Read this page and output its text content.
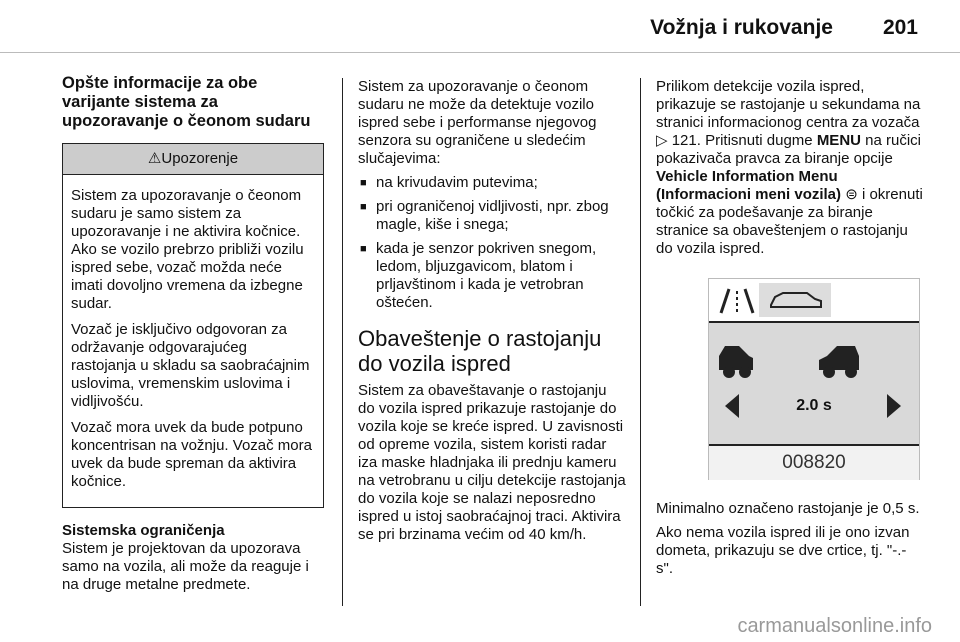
Vožnja i rukovanje 201
Opšte informacije za obe varijante sistema za upozoravanje o čeonom sudaru
⚠Upozorenje

Sistem za upozoravanje o čeonom sudaru je samo sistem za upozoravanje i ne aktivira kočnice. Ako se vozilo prebrzo približi vozilu ispred sebe, vozač možda neće imati dovoljno vremena da izbegne sudar.

Vozač je isključivo odgovoran za održavanje odgovarajućeg rastojanja u skladu sa saobraćajnim uslovima, vremenskim uslovima i vidljivošću.

Vozač mora uvek da bude potpuno koncentrisan na vožnju. Vozač mora uvek da bude spreman da aktivira kočnice.

Sistemska ograničenja

Sistem je projektovan da upozorava samo na vozila, ali može da reaguje i na druge metalne predmete.

Sistem za upozoravanje o čeonom sudaru ne može da detektuje vozilo ispred sebe i performanse njegovog senzora su ograničene u sledećim slučajevima:

■ na krivudavim putevima;
■ pri ograničenoj vidljivosti, npr. zbog magle, kiše i snega;
■ kada je senzor pokriven snegom, ledom, bljuzgavicom, blatom i prljavštinom i kada je vetrobran oštećen.
Obaveštenje o rastojanju do vozila ispred

Sistem za obaveštavanje o rastojanju do vozila ispred prikazuje rastojanje do vozila koje se kreće ispred. U zavisnosti od opreme vozila, sistem koristi radar iza maske hladnjaka ili prednju kameru na vetrobranu u cilju detekcije rastojanja do vozila koje se nalazi neposredno ispred u istoj saobraćajnoj traci. Aktivira se pri brzinama većim od 40 km/h.

Prilikom detekcije vozila ispred, prikazuje se rastojanje u sekundama na stranici informacionog centra za vozača ▷ 121. Pritisnuti dugme MENU na ručici pokazivača pravca za biranje opcije Vehicle Information Menu (Informacioni meni vozila) ⊜ i okrenuti točkić za podešavanje za biranje stranice sa obaveštenjem o rastojanju do vozila ispred.

2.0 s
008820

Minimalno označeno rastojanje je 0,5 s.

Ako nema vozila ispred ili je ono izvan dometa, prikazuju se dve crtice, tj. "-.- s".

carmanualsonline.info
